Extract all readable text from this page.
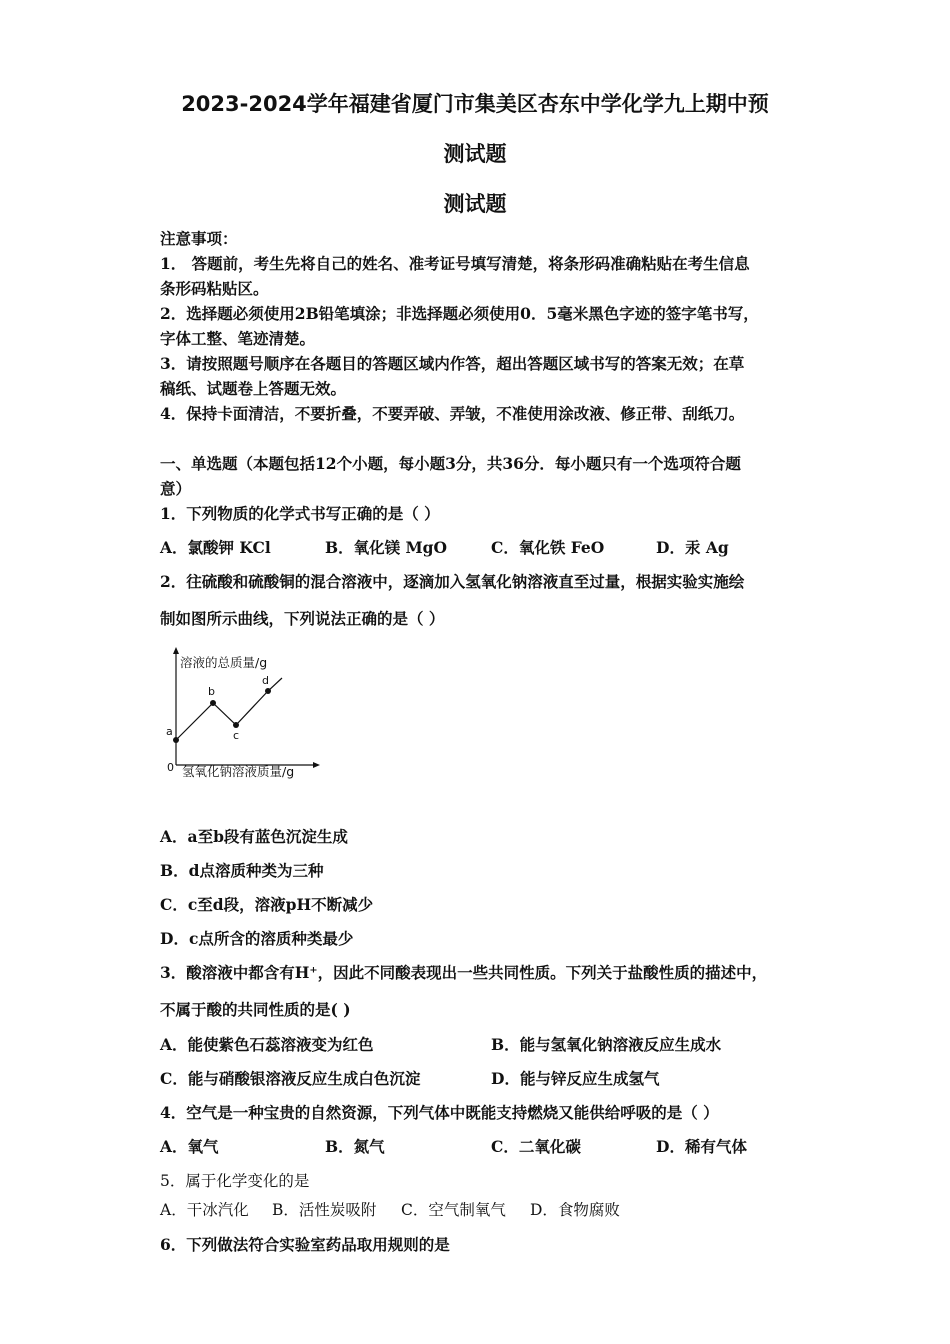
2023-2024学年福建省厦门市集美区杏东中学化学九上期中预
测试题
测试题
注意事项：
1． 答题前，考生先将自己的姓名、准考证号填写清楚，将条形码准确粘贴在考生信息
条形码粘贴区。
2．选择题必须使用2B铅笔填涂；非选择题必须使用0．5毫米黑色字迹的签字笔书写，
字体工整、笔迹清楚。
3．请按照题号顺序在各题目的答题区域内作答，超出答题区域书写的答案无效；在草
稿纸、试题卷上答题无效。
4．保持卡面清洁，不要折叠，不要弄破、弄皱，不准使用涂改液、修正带、刮纸刀。
一、单选题（本题包括12个小题，每小题3分，共36分．每小题只有一个选项符合题
意）
1．下列物质的化学式书写正确的是（ ）
A．氯酸钾 KCl	B．氧化镁 MgO	C．氧化铁 FeO	D．汞 Ag
2．往硫酸和硫酸铜的混合溶液中，逐滴加入氢氧化钠溶液直至过量，根据实验实施绘
制如图所示曲线，下列说法正确的是（ ）
溶液的总质量/g
氢氧化钠溶液质量/g
0
a
b
c
d
A．a至b段有蓝色沉淀生成
B．d点溶质种类为三种
C．c至d段，溶液pH不断减少
D．c点所含的溶质种类最少
3．酸溶液中都含有H⁺，因此不同酸表现出一些共同性质。下列关于盐酸性质的描述中，
不属于酸的共同性质的是( )
A．能使紫色石蕊溶液变为红色	B．能与氢氧化钠溶液反应生成水
C．能与硝酸银溶液反应生成白色沉淀	D．能与锌反应生成氢气
4．空气是一种宝贵的自然资源，下列气体中既能支持燃烧又能供给呼吸的是（ ）
A．氧气	B．氮气	C．二氧化碳	D．稀有气体
5．属于化学变化的是
A．干冰汽化 B．活性炭吸附 C．空气制氧气 D．食物腐败
6．下列做法符合实验室药品取用规则的是
